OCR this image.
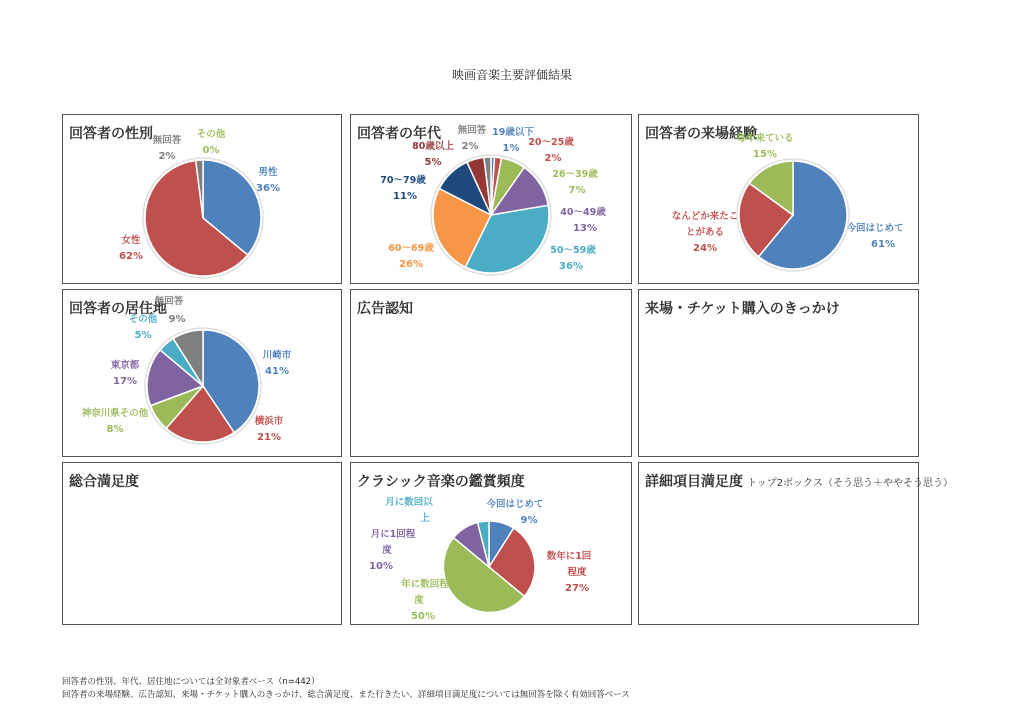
映画音楽主要評価結果
回答者の性別
男性
36%
女性
62%
無回答
2%
その他
0%
回答者の年代	19歳以下
1%
20～25歳
2%
26～39歳
7%
40～49歳
13%
50～59歳
36%
60～69歳
26%
70～79歳
11%
80歳以上
5%
無回答
2%
回答者の来場経験
今回はじめて
61%
なんどか来たこ
とがある
24%
毎年来ている
15%
回答者の居住地
川崎市
41%
横浜市
21%
神奈川県その他
8%
東京都
17%
その他
5%
無回答
9%
広告認知	来場・チケット購入のきっかけ
総合満足度	クラシック音楽の鑑賞頻度
今回はじめて
9%
数年に1回
程度
27%
年に数回程
度
50%
月に1回程
度
10%
月に数回以
上
詳細項目満足度 トップ2ボックス（そう思う＋ややそう思う）
回答者の性別、年代、居住地については全対象者ベース（n=442）
回答者の来場経験、広告認知、来場・チケット購入のきっかけ、総合満足度、また行きたい、詳細項目満足度については無回答を除く有効回答ベース
